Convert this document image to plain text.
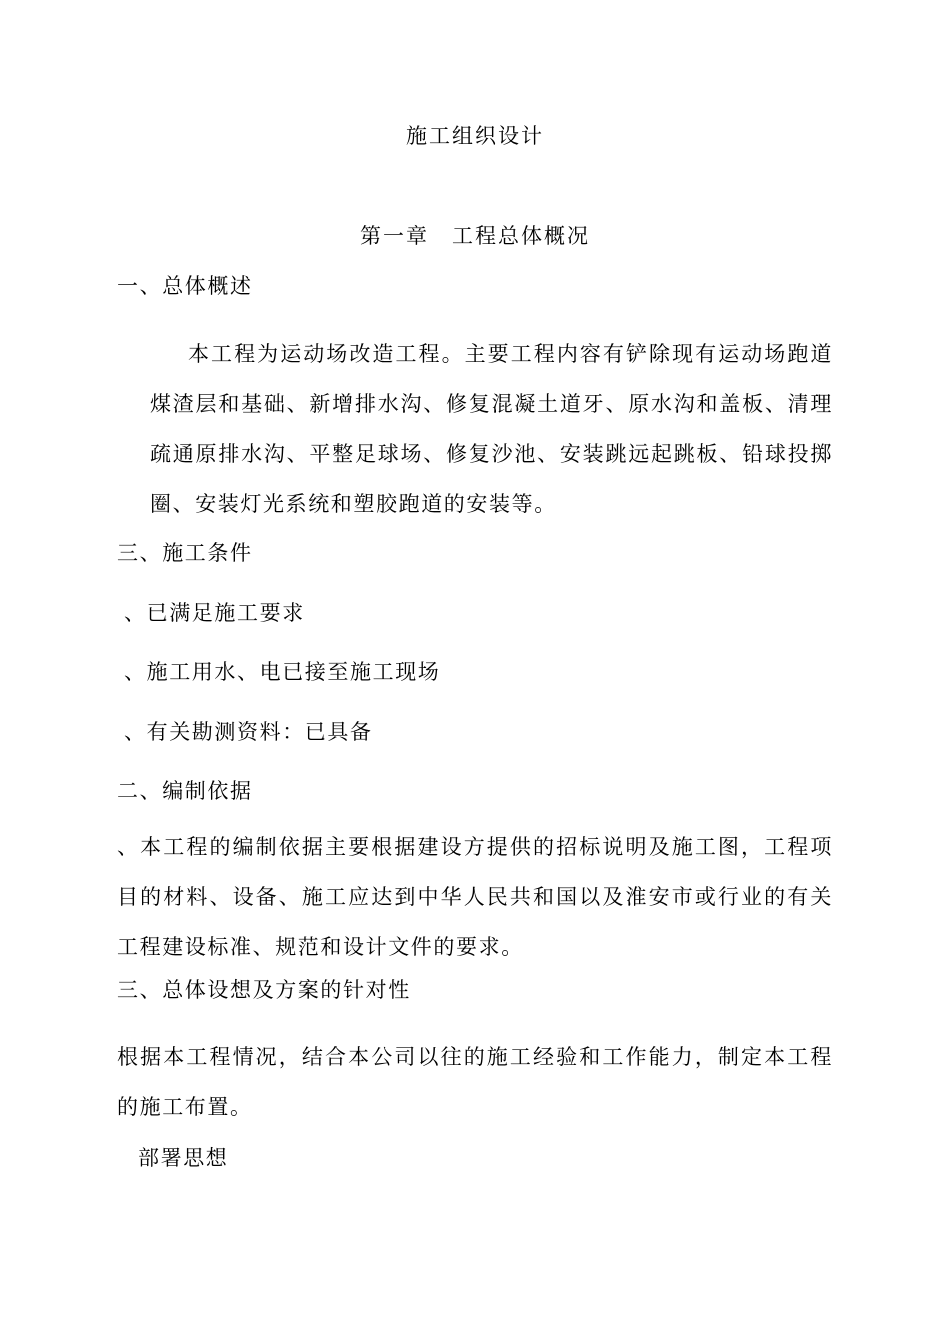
施工组织设计
第一章　工程总体概况
一、总体概述
本工程为运动场改造工程。主要工程内容有铲除现有运动场跑道煤渣层和基础、新增排水沟、修复混凝土道牙、原水沟和盖板、清理疏通原排水沟、平整足球场、修复沙池、安装跳远起跳板、铅球投掷圈、安装灯光系统和塑胶跑道的安装等。
三、施工条件
、已满足施工要求
、施工用水、电已接至施工现场
、有关勘测资料：已具备
二、编制依据
、本工程的编制依据主要根据建设方提供的招标说明及施工图，工程项目的材料、设备、施工应达到中华人民共和国以及淮安市或行业的有关工程建设标准、规范和设计文件的要求。
三、总体设想及方案的针对性
根据本工程情况，结合本公司以往的施工经验和工作能力，制定本工程的施工布置。
部署思想
